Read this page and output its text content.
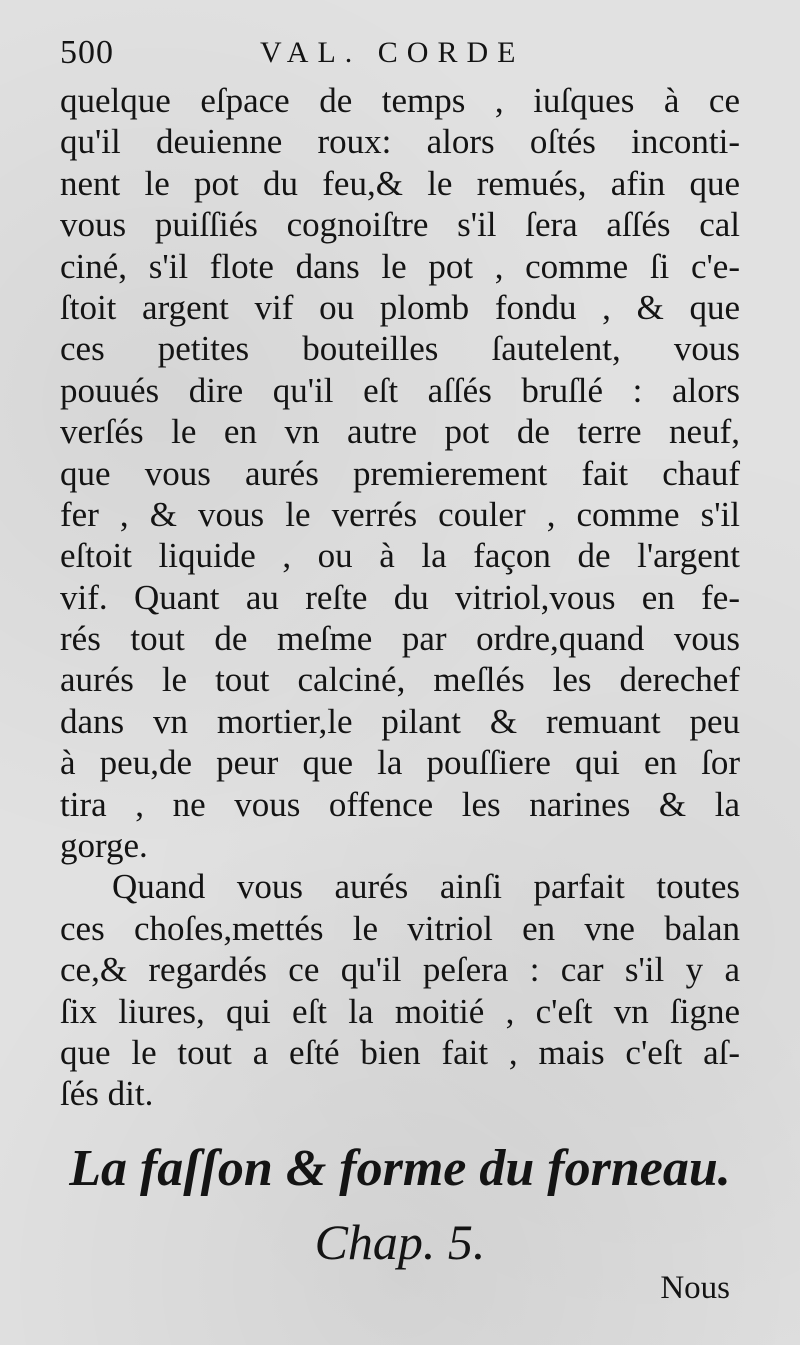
500	VAL. CORDE
quelque eſpace de temps , iuſques à ce
qu'il deuienne roux: alors oſtés inconti-
nent le pot du feu,& le remués, afin que
vous puiſſiés cognoiſtre s'il ſera aſſés cal
ciné, s'il flote dans le pot , comme ſi c'e-
ſtoit argent vif ou plomb fondu , & que
ces petites bouteilles ſautelent, vous
pouués dire qu'il eſt aſſés bruſlé : alors
verſés le en vn autre pot de terre neuf,
que vous aurés premierement fait chauf
fer , & vous le verrés couler , comme s'il
eſtoit liquide , ou à la façon de l'argent
vif. Quant au reſte du vitriol,vous en fe-
rés tout de meſme par ordre,quand vous
aurés le tout calciné, meſlés les derechef
dans vn mortier,le pilant & remuant peu
à peu,de peur que la pouſſiere qui en ſor
tira , ne vous offence les narines & la
gorge.
Quand vous aurés ainſi parfait toutes
ces choſes,mettés le vitriol en vne balan
ce,& regardés ce qu'il peſera : car s'il y a
ſix liures, qui eſt la moitié , c'eſt vn ſigne
que le tout a eſté bien fait , mais c'eſt aſ-
ſés dit.
La faſſon & forme du forneau.
Chap. 5.
Nous
